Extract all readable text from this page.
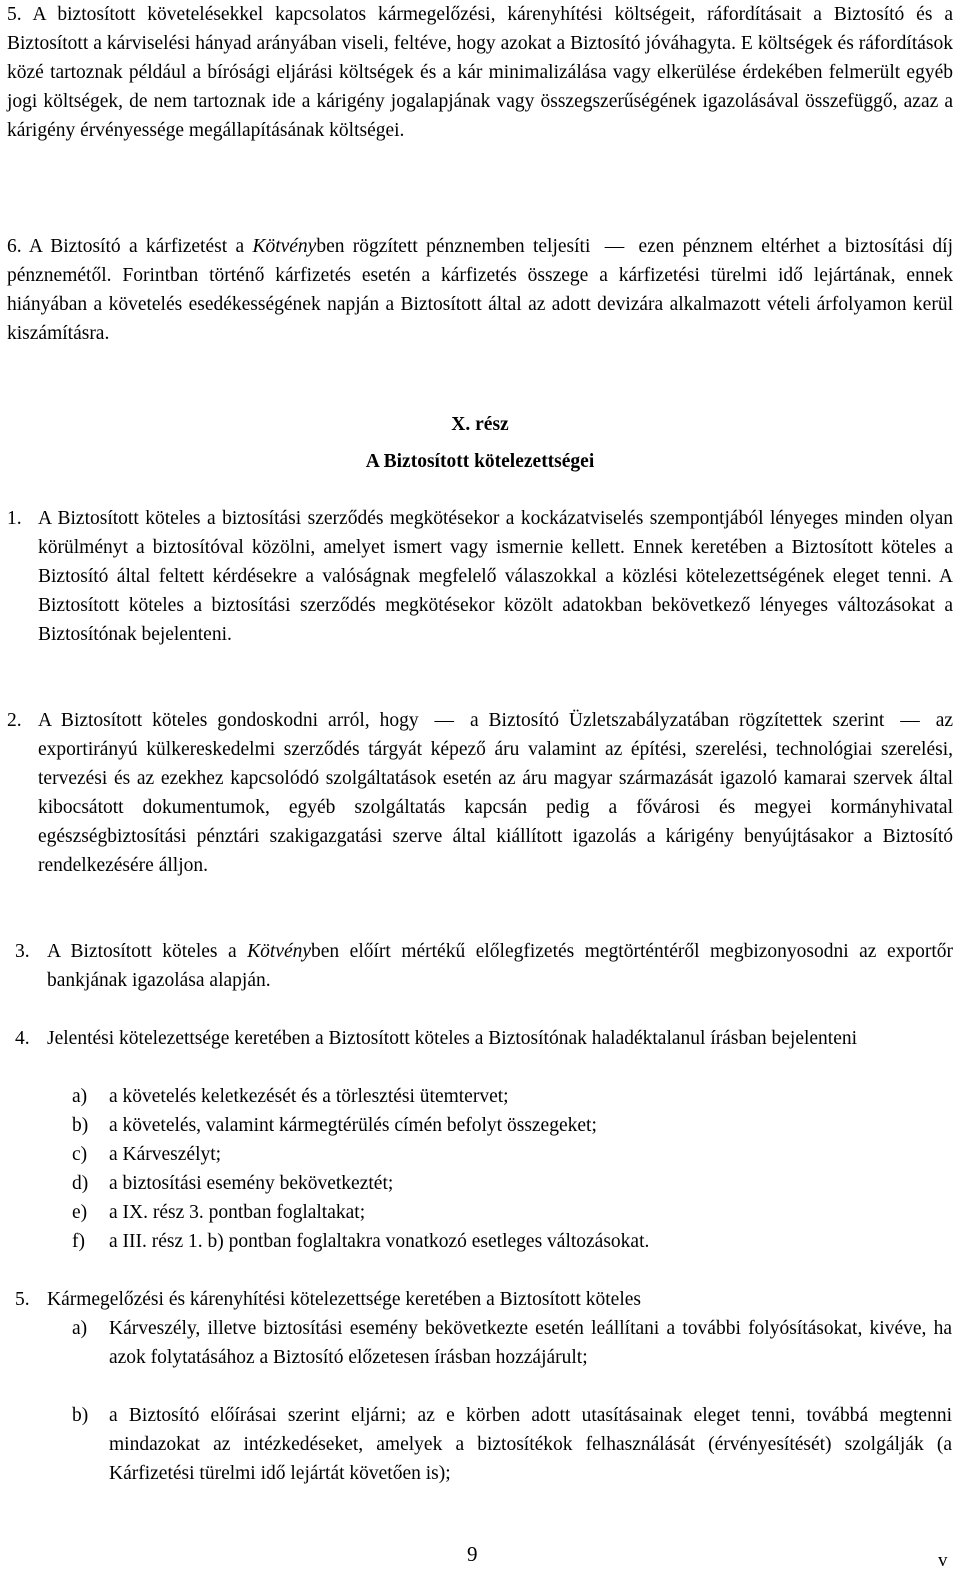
5. A biztosított követelésekkel kapcsolatos kármegelőzési, kárenyhítési költségeit, ráfordításait a Biztosító és a Biztosított a kárviselési hányad arányában viseli, feltéve, hogy azokat a Biztosító jóváhagyta. E költségek és ráfordítások közé tartoznak például a bírósági eljárási költségek és a kár minimalizálása vagy elkerülése érdekében felmerült egyéb jogi költségek, de nem tartoznak ide a kárigény jogalapjának vagy összegszerűségének igazolásával összefüggő, azaz a kárigény érvényessége megállapításának költségei.
6. A Biztosító a kárfizetést a Kötvényben rögzített pénznemben teljesíti — ezen pénznem eltérhet a biztosítási díj pénznemétől. Forintban történő kárfizetés esetén a kárfizetés összege a kárfizetési türelmi idő lejártának, ennek hiányában a követelés esedékességének napján a Biztosított által az adott devizára alkalmazott vételi árfolyamon kerül kiszámításra.
X. rész
A Biztosított kötelezettségei
1. A Biztosított köteles a biztosítási szerződés megkötésekor a kockázatviselés szempontjából lényeges minden olyan körülményt a biztosítóval közölni, amelyet ismert vagy ismernie kellett. Ennek keretében a Biztosított köteles a Biztosító által feltett kérdésekre a valóságnak megfelelő válaszokkal a közlési kötelezettségének eleget tenni. A Biztosított köteles a biztosítási szerződés megkötésekor közölt adatokban bekövetkező lényeges változásokat a Biztosítónak bejelenteni.
2. A Biztosított köteles gondoskodni arról, hogy — a Biztosító Üzletszabályzatában rögzítettek szerint — az exportirányú külkereskedelmi szerződés tárgyát képező áru valamint az építési, szerelési, technológiai szerelési, tervezési és az ezekhez kapcsolódó szolgáltatások esetén az áru magyar származását igazoló kamarai szervek által kibocsátott dokumentumok, egyéb szolgáltatás kapcsán pedig a fővárosi és megyei kormányhivatal egészségbiztosítási pénztári szakigazgatási szerve által kiállított igazolás a kárigény benyújtásakor a Biztosító rendelkezésére álljon.
3. A Biztosított köteles a Kötvényben előírt mértékű előlegfizetés megtörténtéről megbizonyosodni az exportőr bankjának igazolása alapján.
4. Jelentési kötelezettsége keretében a Biztosított köteles a Biztosítónak haladéktalanul írásban bejelenteni
a)	a követelés keletkezését és a törlesztési ütemtervet;
b)	a követelés, valamint kármegtérülés címén befolyt összegeket;
c)	a Kárveszélyt;
d)	a biztosítási esemény bekövetkeztét;
e)	a IX. rész 3. pontban foglaltakat;
f)	a III. rész 1. b) pontban foglaltakra vonatkozó esetleges változásokat.
5. Kármegelőzési és kárenyhítési kötelezettsége keretében a Biztosított köteles
a)	Kárveszély, illetve biztosítási esemény bekövetkezte esetén leállítani a további folyósításokat, kivéve, ha azok folytatásához a Biztosító előzetesen írásban hozzájárult;
b)	a Biztosító előírásai szerint eljárni; az e körben adott utasításainak eleget tenni, továbbá megtenni mindazokat az intézkedéseket, amelyek a biztosítékok felhasználását (érvényesítését) szolgálják (a Kárfizetési türelmi idő lejártát követően is);
9	v
